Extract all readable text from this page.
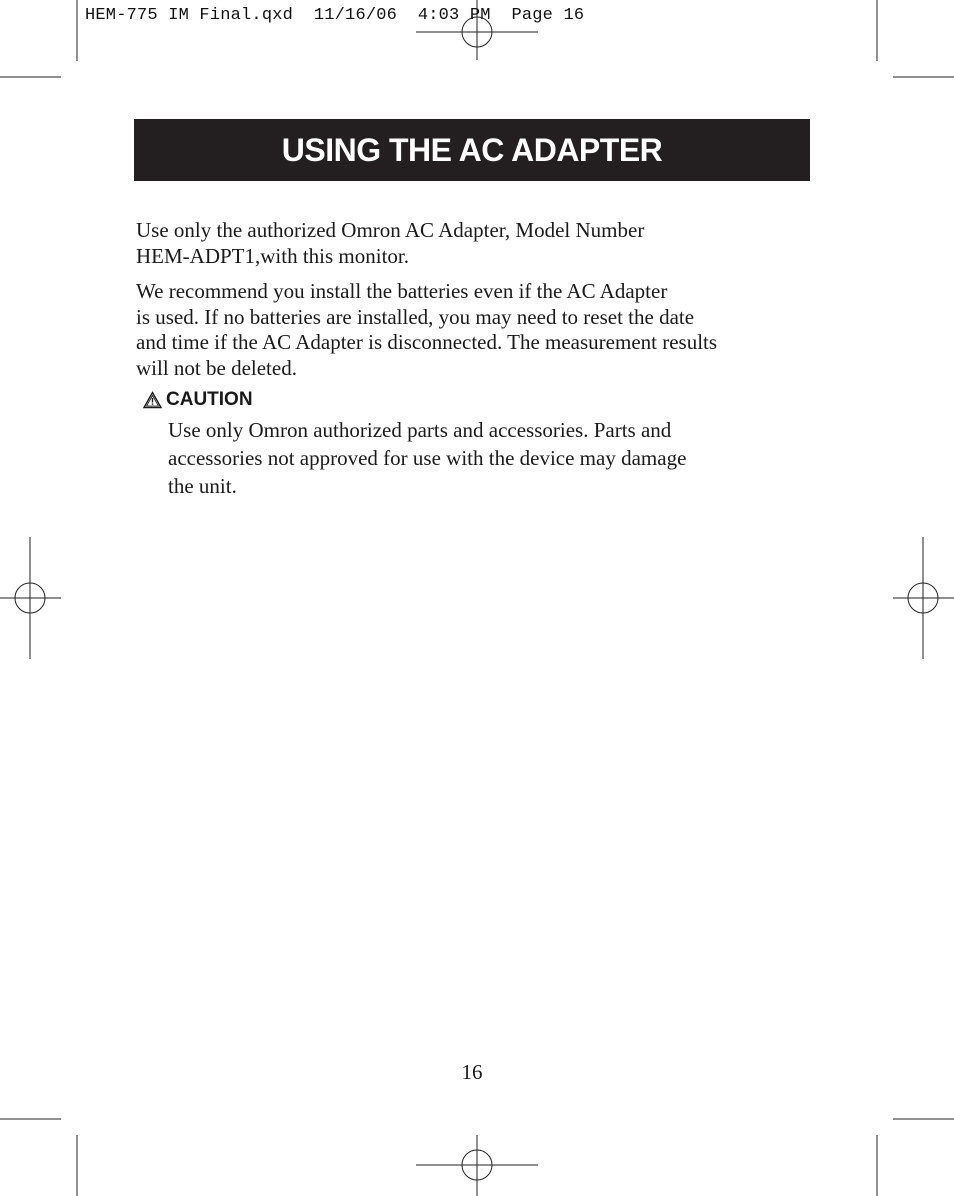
HEM-775 IM Final.qxd  11/16/06  4:03 PM  Page 16
USING THE AC ADAPTER

Use only the authorized Omron AC Adapter, Model Number
HEM-ADPT1,with this monitor.

We recommend you install the batteries even if the AC Adapter
is used. If no batteries are installed, you may need to reset the date
and time if the AC Adapter is disconnected. The measurement results
will not be deleted.

CAUTION

Use only Omron authorized parts and accessories. Parts and
accessories not approved for use with the device may damage
the unit.

16
